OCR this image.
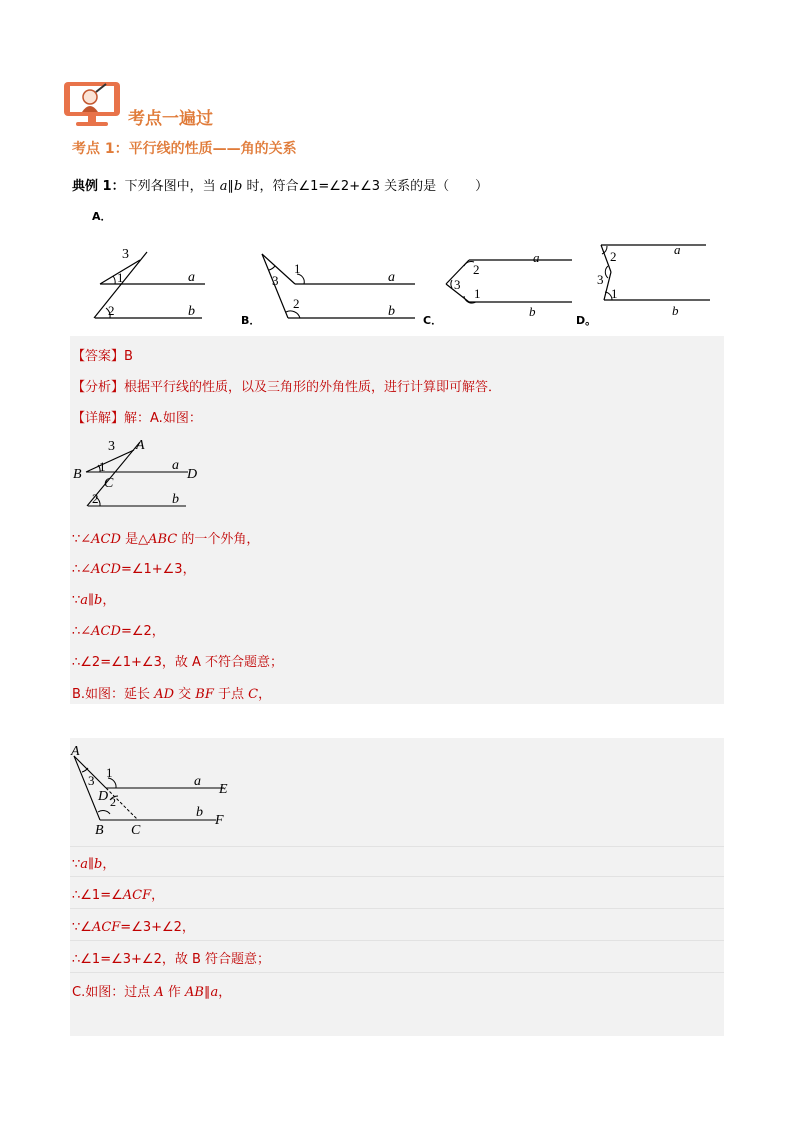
考点一遍过
考点 1：平行线的性质——角的关系
典例 1：下列各图中，当 a∥b 时，符合∠1=∠2+∠3 关系的是（　　）
A．
3
1
2
a
b
3
1
2
a
b
2
3
1
a
b
2
3
1
a
b
B．	C．	D。
【答案】B
【分析】根据平行线的性质，以及三角形的外角性质，进行计算即可解答．
【详解】解：A.如图：
A
3
B
1
C
2
a
D
b
∵∠ACD 是△ABC 的一个外角，
∴∠ACD=∠1+∠3，
∵a∥b，
∴∠ACD=∠2，
∴∠2=∠1+∠3，故 A 不符合题意；
B.如图：延长 AD 交 BF 于点 C，
A
3
1
D 2
a
E
b
F
B C
∵a∥b，
∴∠1=∠ACF，
∵∠ACF=∠3+∠2，
∴∠1=∠3+∠2，故 B 符合题意；
C.如图：过点 A 作 AB∥a，
